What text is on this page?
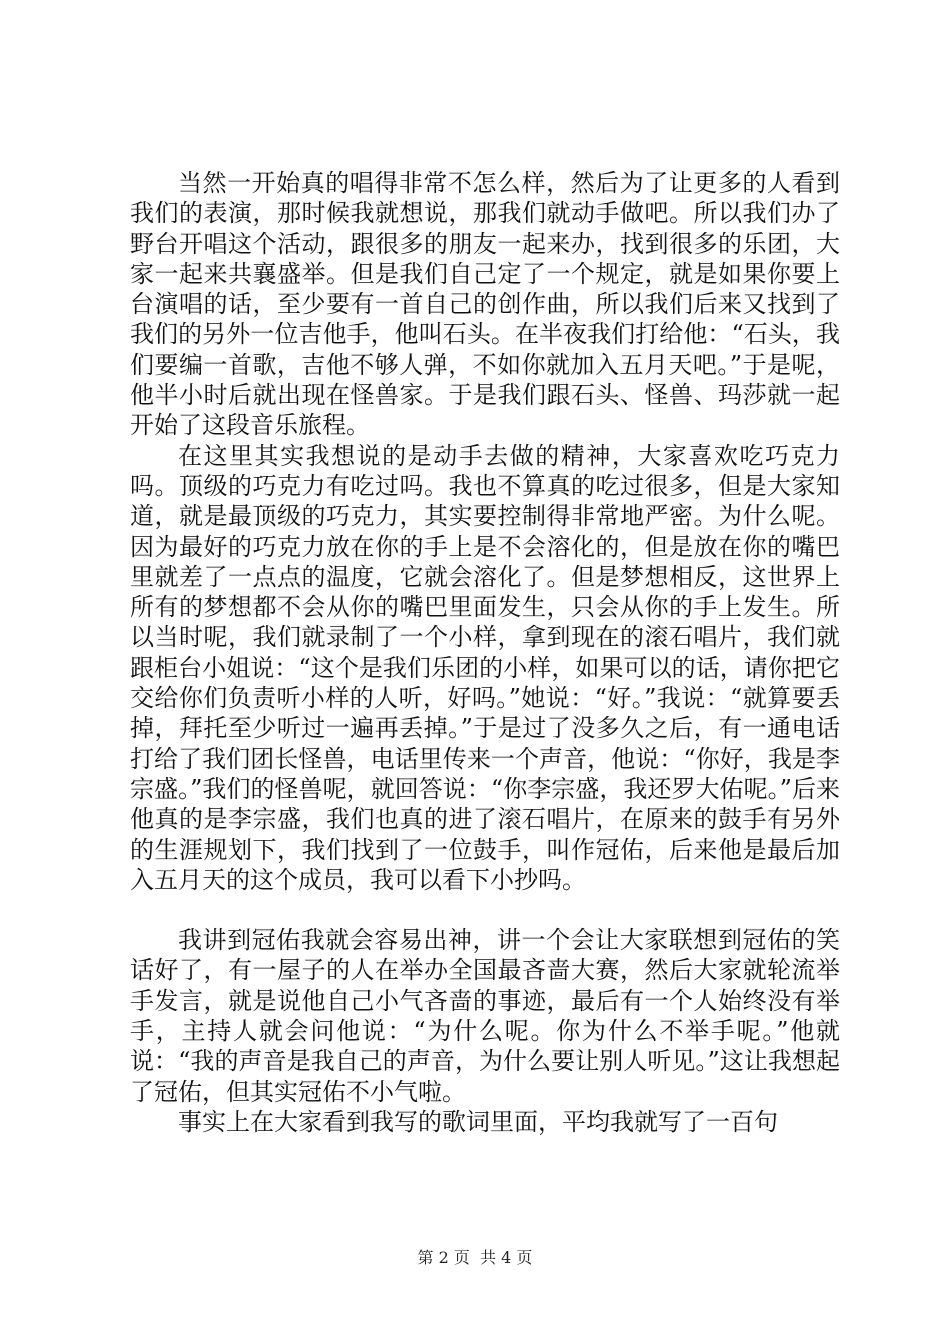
当然一开始真的唱得非常不怎么样，然后为了让更多的人看到我们的表演，那时候我就想说，那我们就动手做吧。所以我们办了野台开唱这个活动，跟很多的朋友一起来办，找到很多的乐团，大家一起来共襄盛举。但是我们自己定了一个规定，就是如果你要上台演唱的话，至少要有一首自己的创作曲，所以我们后来又找到了我们的另外一位吉他手，他叫石头。在半夜我们打给他：“石头，我们要编一首歌，吉他不够人弹，不如你就加入五月天吧。”于是呢，他半小时后就出现在怪兽家。于是我们跟石头、怪兽、玛莎就一起开始了这段音乐旅程。

在这里其实我想说的是动手去做的精神，大家喜欢吃巧克力吗。顶级的巧克力有吃过吗。我也不算真的吃过很多，但是大家知道，就是最顶级的巧克力，其实要控制得非常地严密。为什么呢。因为最好的巧克力放在你的手上是不会溶化的，但是放在你的嘴巴里就差了一点点的温度，它就会溶化了。但是梦想相反，这世界上所有的梦想都不会从你的嘴巴里面发生，只会从你的手上发生。所以当时呢，我们就录制了一个小样，拿到现在的滚石唱片，我们就跟柜台小姐说：“这个是我们乐团的小样，如果可以的话，请你把它交给你们负责听小样的人听，好吗。”她说：“好。”我说：“就算要丢掉，拜托至少听过一遍再丢掉。”于是过了没多久之后，有一通电话打给了我们团长怪兽，电话里传来一个声音，他说：“你好，我是李宗盛。”我们的怪兽呢，就回答说：“你李宗盛，我还罗大佑呢。”后来他真的是李宗盛，我们也真的进了滚石唱片，在原来的鼓手有另外的生涯规划下，我们找到了一位鼓手，叫作冠佑，后来他是最后加入五月天的这个成员，我可以看下小抄吗。

我讲到冠佑我就会容易出神，讲一个会让大家联想到冠佑的笑话好了，有一屋子的人在举办全国最吝啬大赛，然后大家就轮流举手发言，就是说他自己小气吝啬的事迹，最后有一个人始终没有举手，主持人就会问他说：“为什么呢。你为什么不举手呢。”他就说：“我的声音是我自己的声音，为什么要让别人听见。”这让我想起了冠佑，但其实冠佑不小气啦。

事实上在大家看到我写的歌词里面，平均我就写了一百句

第 2 页  共 4 页
